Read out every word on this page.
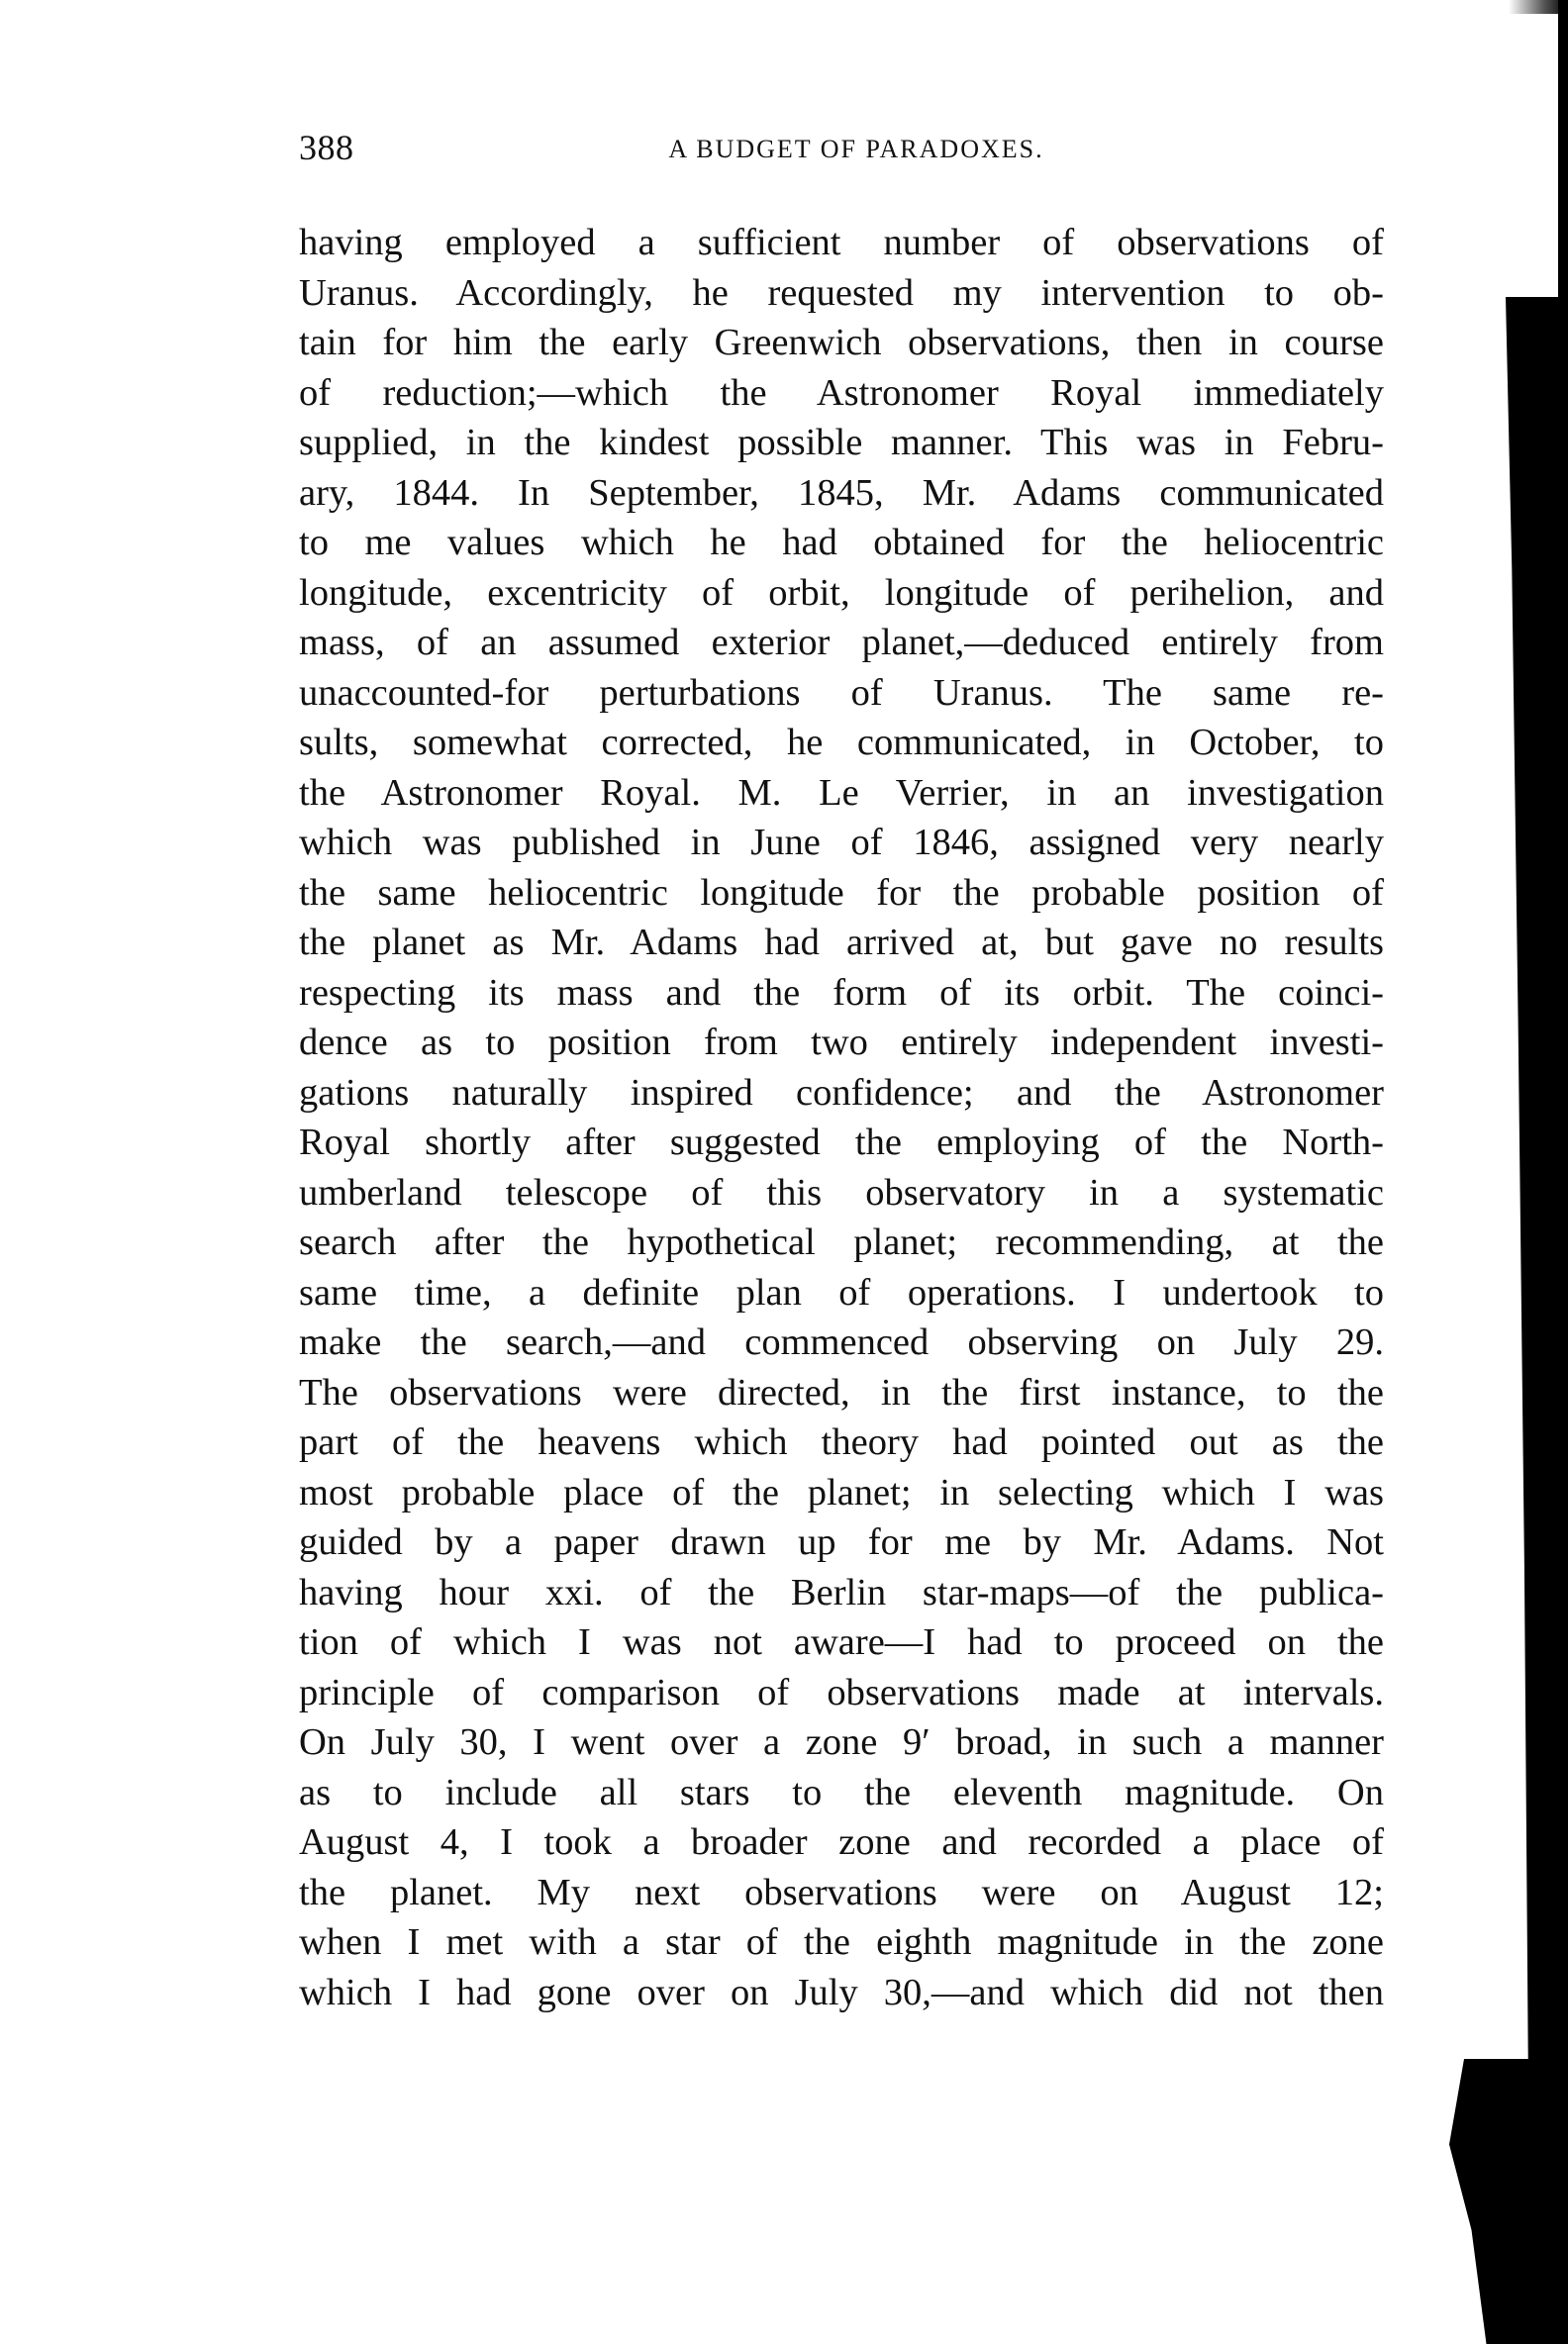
388	A BUDGET OF PARADOXES.
having employed a sufficient number of observations of
Uranus. Accordingly, he requested my intervention to ob-
tain for him the early Greenwich observations, then in course
of reduction;—which the Astronomer Royal immediately
supplied, in the kindest possible manner. This was in Febru-
ary, 1844. In September, 1845, Mr. Adams communicated
to me values which he had obtained for the heliocentric
longitude, excentricity of orbit, longitude of perihelion, and
mass, of an assumed exterior planet,—deduced entirely from
unaccounted-for perturbations of Uranus. The same re-
sults, somewhat corrected, he communicated, in October, to
the Astronomer Royal. M. Le Verrier, in an investigation
which was published in June of 1846, assigned very nearly
the same heliocentric longitude for the probable position of
the planet as Mr. Adams had arrived at, but gave no results
respecting its mass and the form of its orbit. The coinci-
dence as to position from two entirely independent investi-
gations naturally inspired confidence; and the Astronomer
Royal shortly after suggested the employing of the North-
umberland telescope of this observatory in a systematic
search after the hypothetical planet; recommending, at the
same time, a definite plan of operations. I undertook to
make the search,—and commenced observing on July 29.
The observations were directed, in the first instance, to the
part of the heavens which theory had pointed out as the
most probable place of the planet; in selecting which I was
guided by a paper drawn up for me by Mr. Adams. Not
having hour xxi. of the Berlin star-maps—of the publica-
tion of which I was not aware—I had to proceed on the
principle of comparison of observations made at intervals.
On July 30, I went over a zone 9′ broad, in such a manner
as to include all stars to the eleventh magnitude. On
August 4, I took a broader zone and recorded a place of
the planet. My next observations were on August 12;
when I met with a star of the eighth magnitude in the zone
which I had gone over on July 30,—and which did not then
